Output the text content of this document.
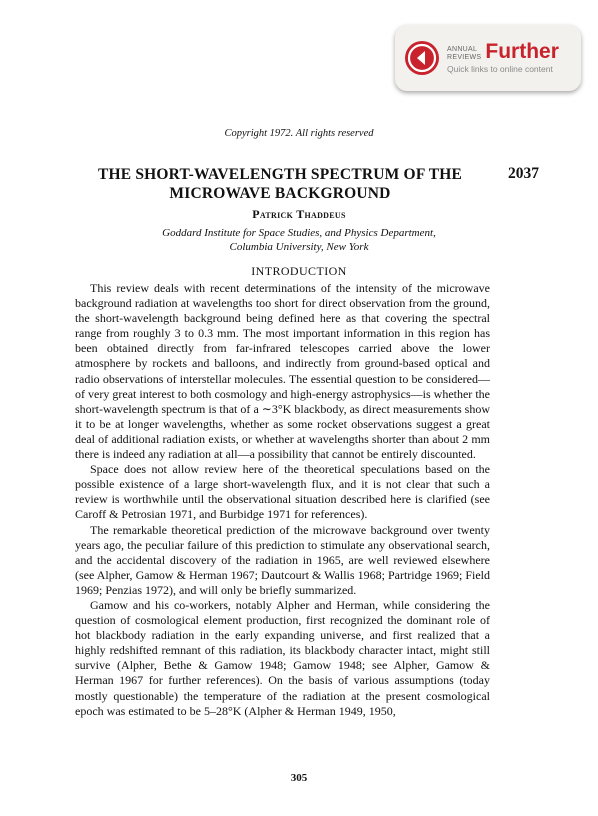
ANNUAL
REVIEWS Further
Quick links to online content
Copyright 1972. All rights reserved
THE SHORT-WAVELENGTH SPECTRUM OF THE
MICROWAVE BACKGROUND
2037
Patrick Thaddeus
Goddard Institute for Space Studies, and Physics Department,
Columbia University, New York
INTRODUCTION

This review deals with recent determinations of the intensity of the microwave background radiation at wavelengths too short for direct observation from the ground, the short-wavelength background being defined here as that covering the spectral range from roughly 3 to 0.3 mm. The most important information in this region has been obtained directly from far-infrared telescopes carried above the lower atmosphere by rockets and balloons, and indirectly from ground-based optical and radio observations of interstellar molecules. The essential question to be considered—of very great interest to both cosmology and high-energy astrophysics—is whether the short-wavelength spectrum is that of a ∼3°K blackbody, as direct measurements show it to be at longer wavelengths, whether as some rocket observations suggest a great deal of additional radiation exists, or whether at wavelengths shorter than about 2 mm there is indeed any radiation at all—a possibility that cannot be entirely discounted.

Space does not allow review here of the theoretical speculations based on the possible existence of a large short-wavelength flux, and it is not clear that such a review is worthwhile until the observational situation described here is clarified (see Caroff & Petrosian 1971, and Burbidge 1971 for references).

The remarkable theoretical prediction of the microwave background over twenty years ago, the peculiar failure of this prediction to stimulate any observational search, and the accidental discovery of the radiation in 1965, are well reviewed elsewhere (see Alpher, Gamow & Herman 1967; Dautcourt & Wallis 1968; Partridge 1969; Field 1969; Penzias 1972), and will only be briefly summarized.

Gamow and his co-workers, notably Alpher and Herman, while considering the question of cosmological element production, first recognized the dominant role of hot blackbody radiation in the early expanding universe, and first realized that a highly redshifted remnant of this radiation, its blackbody character intact, might still survive (Alpher, Bethe & Gamow 1948; Gamow 1948; see Alpher, Gamow & Herman 1967 for further references). On the basis of various assumptions (today mostly questionable) the temperature of the radiation at the present cosmological epoch was estimated to be 5–28°K (Alpher & Herman 1949, 1950,

305
